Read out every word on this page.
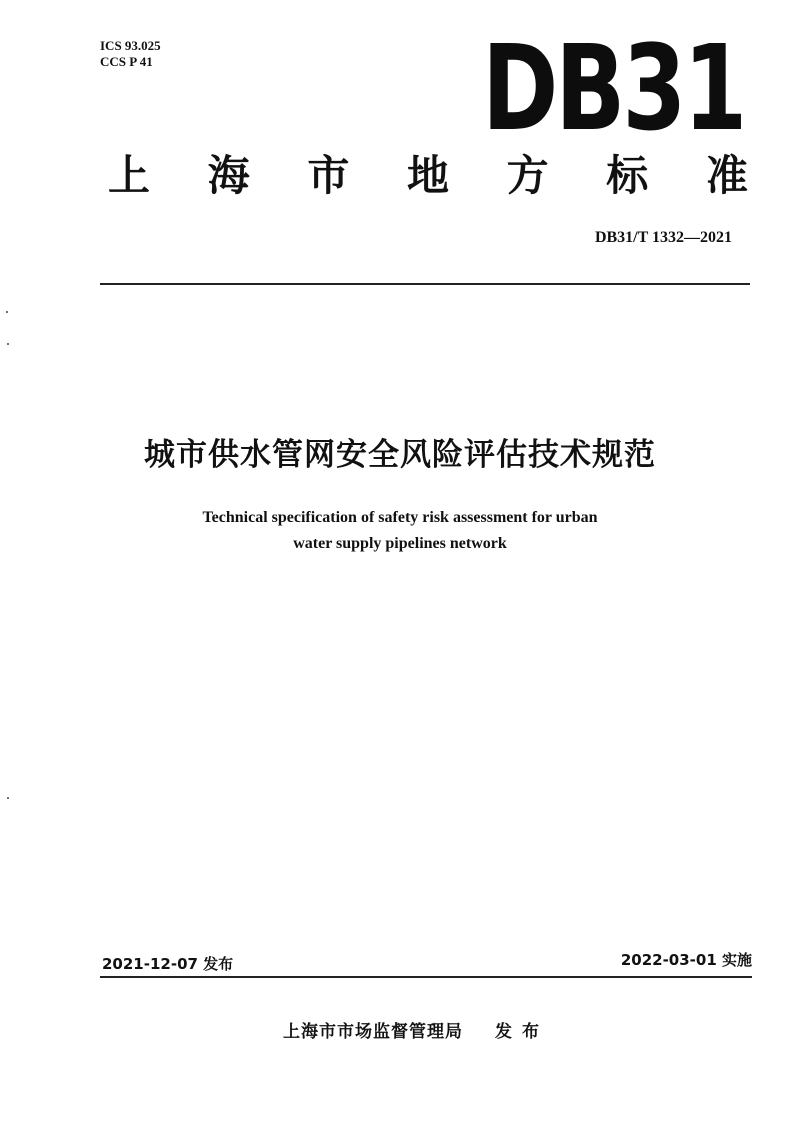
ICS 93.025
CCS P 41	DB31
上 海 市 地 方 标 准
DB31/T 1332—2021
城市供水管网安全风险评估技术规范
Technical specification of safety risk assessment for urban
water supply pipelines network
2021-12-07 发布	2022-03-01 实施
上海市市场监督管理局 发布
